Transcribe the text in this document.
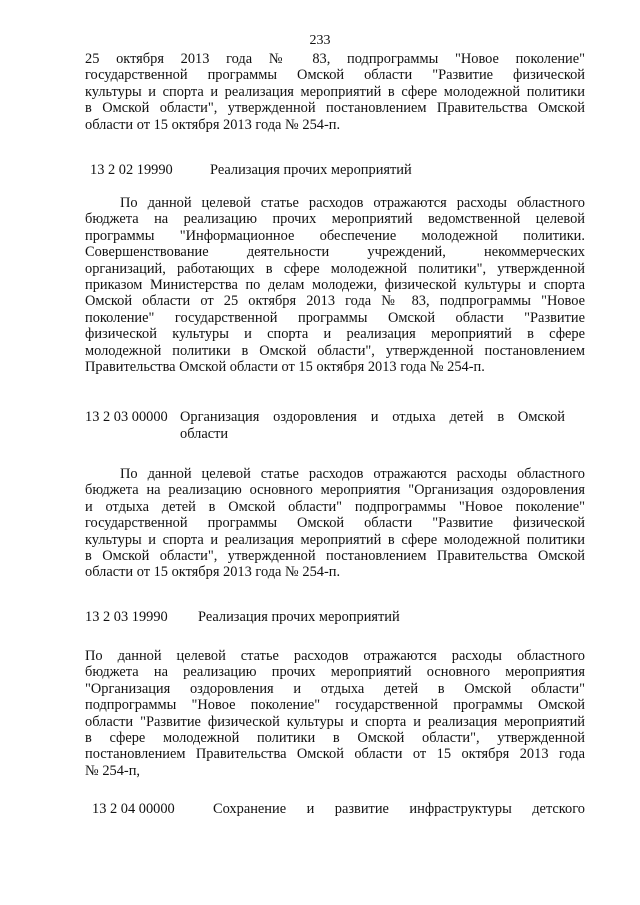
233
25 октября 2013 года № 83, подпрограммы "Новое поколение"
государственной программы Омской области "Развитие физической
культуры и спорта и реализация мероприятий в сфере молодежной политики
в Омской области", утвержденной постановлением Правительства Омской
области от 15 октября 2013 года № 254-п.
13 2 02 19990	Реализация прочих мероприятий
По данной целевой статье расходов отражаются расходы областного
бюджета на реализацию прочих мероприятий ведомственной целевой
программы "Информационное обеспечение молодежной политики.
Совершенствование деятельности учреждений, некоммерческих
организаций, работающих в сфере молодежной политики", утвержденной
приказом Министерства по делам молодежи, физической культуры и спорта
Омской области от 25 октября 2013 года № 83, подпрограммы "Новое
поколение" государственной программы Омской области "Развитие
физической культуры и спорта и реализация мероприятий в сфере
молодежной политики в Омской области", утвержденной постановлением
Правительства Омской области от 15 октября 2013 года № 254-п.
13 2 03 00000 Организация оздоровления и отдыха детей в Омской
области
По данной целевой статье расходов отражаются расходы областного
бюджета на реализацию основного мероприятия "Организация оздоровления
и отдыха детей в Омской области" подпрограммы "Новое поколение"
государственной программы Омской области "Развитие физической
культуры и спорта и реализация мероприятий в сфере молодежной политики
в Омской области", утвержденной постановлением Правительства Омской
области от 15 октября 2013 года № 254-п.
13 2 03 19990 Реализация прочих мероприятий
По данной целевой статье расходов отражаются расходы областного
бюджета на реализацию прочих мероприятий основного мероприятия
"Организация оздоровления и отдыха детей в Омской области"
подпрограммы "Новое поколение" государственной программы Омской
области "Развитие физической культуры и спорта и реализация мероприятий
в сфере молодежной политики в Омской области", утвержденной
постановлением Правительства Омской области от 15 октября 2013 года
№ 254-п,
13 2 04 00000	Сохранение и развитие инфраструктуры детского
